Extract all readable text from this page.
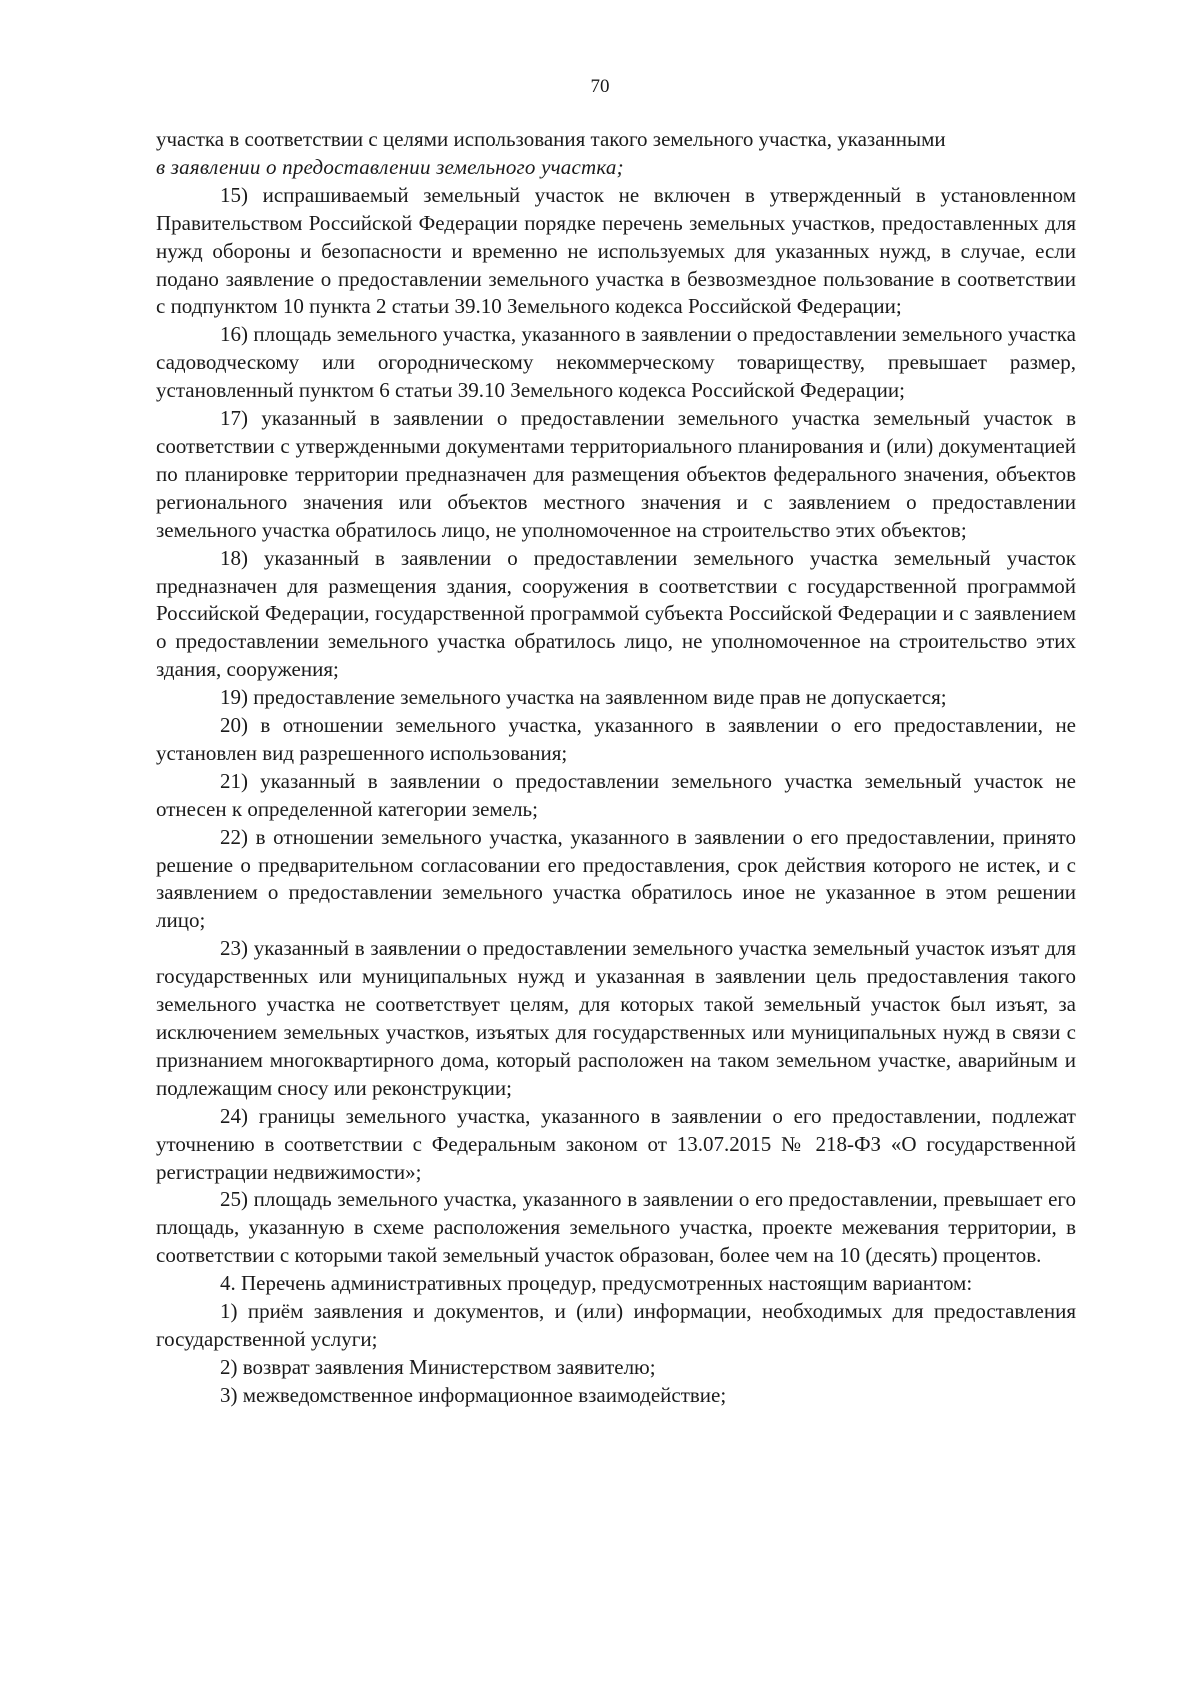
70

участка в соответствии с целями использования такого земельного участка, указанными
в заявлении о предоставлении земельного участка;

15) испрашиваемый земельный участок не включен в утвержденный в установленном Правительством Российской Федерации порядке перечень земельных участков, предоставленных для нужд обороны и безопасности и временно не используемых для указанных нужд, в случае, если подано заявление о предоставлении земельного участка в безвозмездное пользование в соответствии с подпунктом 10 пункта 2 статьи 39.10 Земельного кодекса Российской Федерации;

16) площадь земельного участка, указанного в заявлении о предоставлении земельного участка садоводческому или огородническому некоммерческому товариществу, превышает размер, установленный пунктом 6 статьи 39.10 Земельного кодекса Российской Федерации;

17) указанный в заявлении о предоставлении земельного участка земельный участок в соответствии с утвержденными документами территориального планирования и (или) документацией по планировке территории предназначен для размещения объектов федерального значения, объектов регионального значения или объектов местного значения и с заявлением о предоставлении земельного участка обратилось лицо, не уполномоченное на строительство этих объектов;

18) указанный в заявлении о предоставлении земельного участка земельный участок предназначен для размещения здания, сооружения в соответствии с государственной программой Российской Федерации, государственной программой субъекта Российской Федерации и с заявлением о предоставлении земельного участка обратилось лицо, не уполномоченное на строительство этих здания, сооружения;

19) предоставление земельного участка на заявленном виде прав не допускается;

20) в отношении земельного участка, указанного в заявлении о его предоставлении, не установлен вид разрешенного использования;

21) указанный в заявлении о предоставлении земельного участка земельный участок не отнесен к определенной категории земель;

22) в отношении земельного участка, указанного в заявлении о его предоставлении, принято решение о предварительном согласовании его предоставления, срок действия которого не истек, и с заявлением о предоставлении земельного участка обратилось иное не указанное в этом решении лицо;

23) указанный в заявлении о предоставлении земельного участка земельный участок изъят для государственных или муниципальных нужд и указанная в заявлении цель предоставления такого земельного участка не соответствует целям, для которых такой земельный участок был изъят, за исключением земельных участков, изъятых для государственных или муниципальных нужд в связи с признанием многоквартирного дома, который расположен на таком земельном участке, аварийным и подлежащим сносу или реконструкции;

24) границы земельного участка, указанного в заявлении о его предоставлении, подлежат уточнению в соответствии с Федеральным законом от 13.07.2015 № 218-ФЗ «О государственной регистрации недвижимости»;

25) площадь земельного участка, указанного в заявлении о его предоставлении, превышает его площадь, указанную в схеме расположения земельного участка, проекте межевания территории, в соответствии с которыми такой земельный участок образован, более чем на 10 (десять) процентов.

4. Перечень административных процедур, предусмотренных настоящим вариантом:

1) приём заявления и документов, и (или) информации, необходимых для предоставления государственной услуги;

2) возврат заявления Министерством заявителю;

3) межведомственное информационное взаимодействие;
